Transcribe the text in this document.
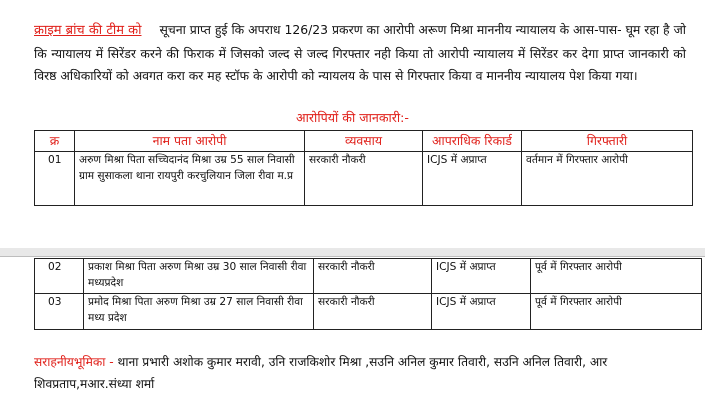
क्राइम ब्रांच की टीम को सूचना प्राप्त हुई कि अपराध 126/23 प्रकरण का आरोपी अरूण मिश्रा माननीय न्यायालय के आस-पास- घूम रहा है जो कि न्यायालय में सिरेंडर करने की फिराक में जिसको जल्द से जल्द गिरफ्तार नही किया तो आरोपी न्यायालय में सिरेंडर कर देगा प्राप्त जानकारी को विरष्ठ अधिकारियों को अवगत करा कर मह स्टॉफ के आरोपी को न्यायलय के पास से गिरफ्तार किया व माननीय न्यायालय पेश किया गया।
आरोपियों की जानकारी:-
क्र	नाम पता आरोपी	व्यवसाय	आपराधिक रिकार्ड	गिरफ्तारी
01	अरुण मिश्रा पिता सच्चिदानंद मिश्रा उम्र 55 साल निवासी ग्राम सुसाकला थाना रायपुरी करचुलियान जिला रीवा म.प्र	सरकारी नौकरी	ICJS में अप्राप्त	वर्तमान में गिरफ्तार आरोपी
02	प्रकाश मिश्रा पिता अरुण मिश्रा उम्र 30 साल निवासी रीवा मध्यप्रदेश	सरकारी नौकरी	ICJS में अप्राप्त	पूर्व में गिरफ्तार आरोपी
03	प्रमोद मिश्रा पिता अरुण मिश्रा उम्र 27 साल निवासी रीवा मध्य प्रदेश	सरकारी नौकरी	ICJS में अप्राप्त	पूर्व में गिरफ्तार आरोपी
सराहनीयभूमिका - थाना प्रभारी अशोक कुमार मरावी, उनि राजकिशोर मिश्रा ,सउनि अनिल कुमार तिवारी, सउनि अनिल तिवारी, आर शिवप्रताप,मआर.संध्या शर्मा
